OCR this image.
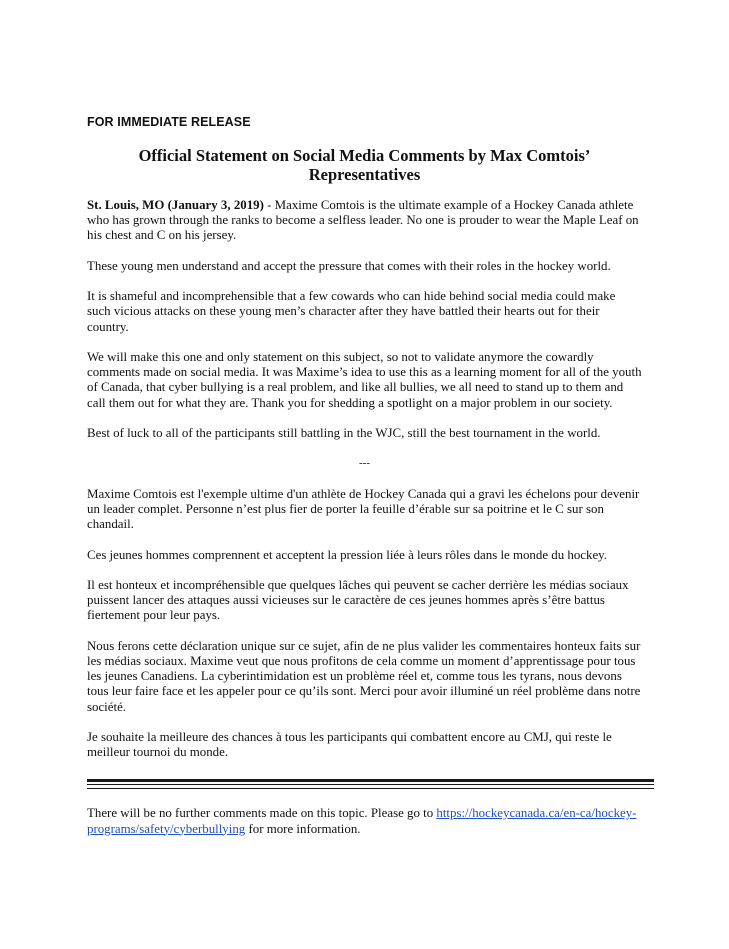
FOR IMMEDIATE RELEASE
Official Statement on Social Media Comments by Max Comtois’ Representatives

St. Louis, MO (January 3, 2019) - Maxime Comtois is the ultimate example of a Hockey Canada athlete who has grown through the ranks to become a selfless leader. No one is prouder to wear the Maple Leaf on his chest and C on his jersey.

These young men understand and accept the pressure that comes with their roles in the hockey world.

It is shameful and incomprehensible that a few cowards who can hide behind social media could make such vicious attacks on these young men’s character after they have battled their hearts out for their country.

We will make this one and only statement on this subject, so not to validate anymore the cowardly comments made on social media. It was Maxime’s idea to use this as a learning moment for all of the youth of Canada, that cyber bullying is a real problem, and like all bullies, we all need to stand up to them and call them out for what they are. Thank you for shedding a spotlight on a major problem in our society.

Best of luck to all of the participants still battling in the WJC, still the best tournament in the world.

---

Maxime Comtois est l'exemple ultime d'un athlète de Hockey Canada qui a gravi les échelons pour devenir un leader complet. Personne n’est plus fier de porter la feuille d’érable sur sa poitrine et le C sur son chandail.

Ces jeunes hommes comprennent et acceptent la pression liée à leurs rôles dans le monde du hockey.

Il est honteux et incompréhensible que quelques lâches qui peuvent se cacher derrière les médias sociaux puissent lancer des attaques aussi vicieuses sur le caractère de ces jeunes hommes après s’être battus fiertement pour leur pays.

Nous ferons cette déclaration unique sur ce sujet, afin de ne plus valider les commentaires honteux faits sur les médias sociaux. Maxime veut que nous profitons de cela comme un moment d’apprentissage pour tous les jeunes Canadiens. La cyberintimidation est un problème réel et, comme tous les tyrans, nous devons tous leur faire face et les appeler pour ce qu’ils sont. Merci pour avoir illuminé un réel problème dans notre société.

Je souhaite la meilleure des chances à tous les participants qui combattent encore au CMJ, qui reste le meilleur tournoi du monde.

There will be no further comments made on this topic. Please go to https://hockeycanada.ca/en-ca/hockey-programs/safety/cyberbullying for more information.
